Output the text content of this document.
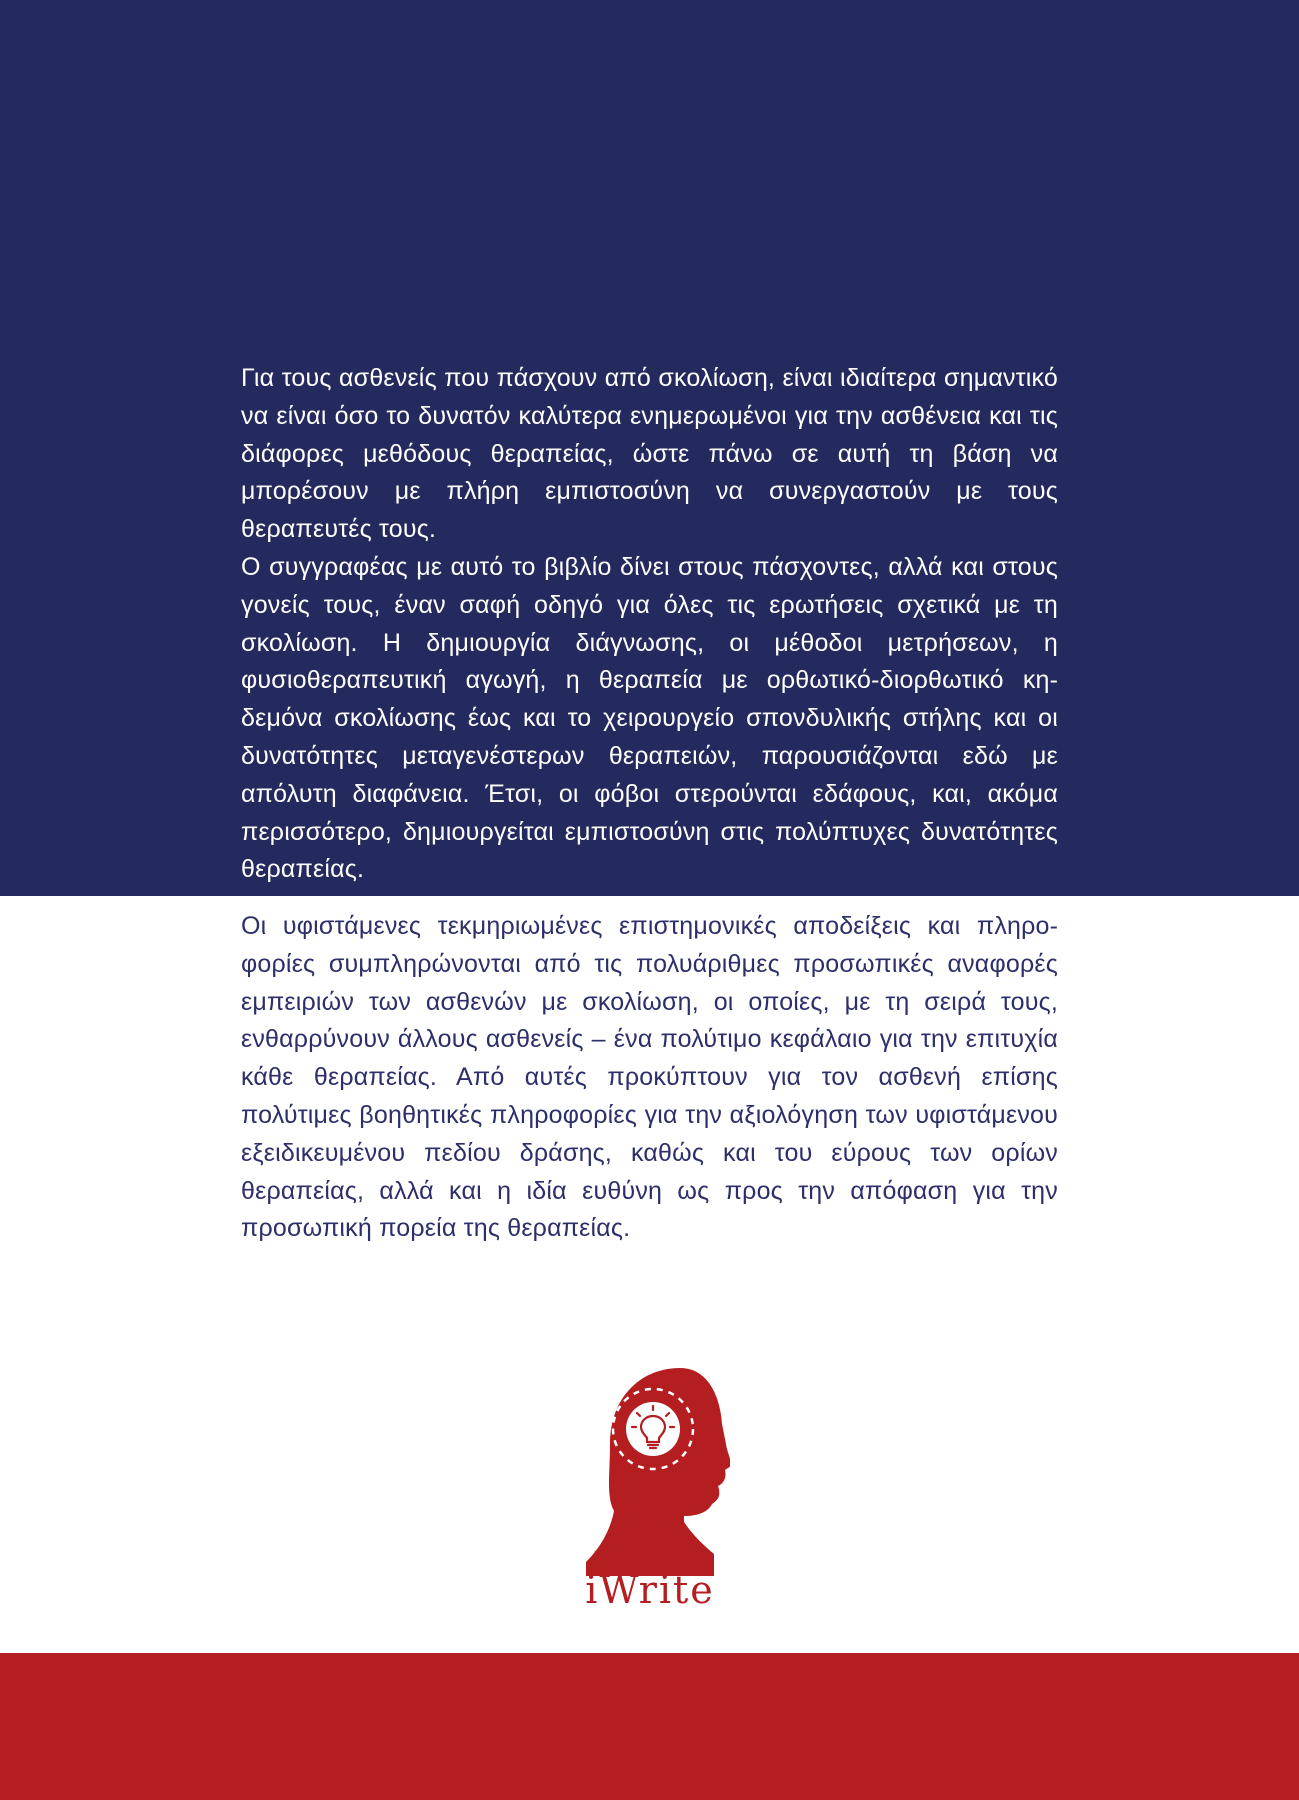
Για τους ασθενείς που πάσχουν από σκολίωση, είναι ιδιαίτερα σημαντικό να είναι όσο το δυνατόν καλύτερα ενημερωμένοι για την ασθένεια και τις διάφορες μεθόδους θεραπείας, ώστε πάνω σε αυτή τη βάση να μπορέσουν με πλήρη εμπιστοσύνη να συνεργαστούν με τους θεραπευτές τους.

Ο συγγραφέας με αυτό το βιβλίο δίνει στους πάσχοντες, αλλά και στους γονείς τους, έναν σαφή οδηγό για όλες τις ερωτήσεις σχετικά με τη σκολίωση. Η δημιουργία διάγνωσης, οι μέθοδοι μετρήσεων, η φυσιοθεραπευτική αγωγή, η θεραπεία με ορθωτικό-διορθωτικό κηδεμόνα σκολίωσης έως και το χειρουργείο σπονδυλικής στήλης και οι δυνατότητες μεταγενέστερων θεραπειών, παρουσιάζονται εδώ με απόλυτη διαφάνεια. Έτσι, οι φόβοι στερούνται εδάφους, και, ακόμα περισσότερο, δημιουργείται εμπιστοσύνη στις πολύπτυχες δυνατότητες θεραπείας.

Οι υφιστάμενες τεκμηριωμένες επιστημονικές αποδείξεις και πληροφορίες συμπληρώνονται από τις πολυάριθμες προσωπικές αναφορές εμπειριών των ασθενών με σκολίωση, οι οποίες, με τη σειρά τους, ενθαρρύνουν άλλους ασθενείς – ένα πολύτιμο κεφάλαιο για την επιτυχία κάθε θεραπείας. Από αυτές προκύπτουν για τον ασθενή επίσης πολύτιμες βοηθητικές πληροφορίες για την αξιολόγηση των υφιστάμενου εξειδικευμένου πεδίου δράσης, καθώς και του εύρους των ορίων θεραπείας, αλλά και η ιδία ευθύνη ως προς την απόφαση για την προσωπική πορεία της θεραπείας.

εκδόσεις

iWrite
